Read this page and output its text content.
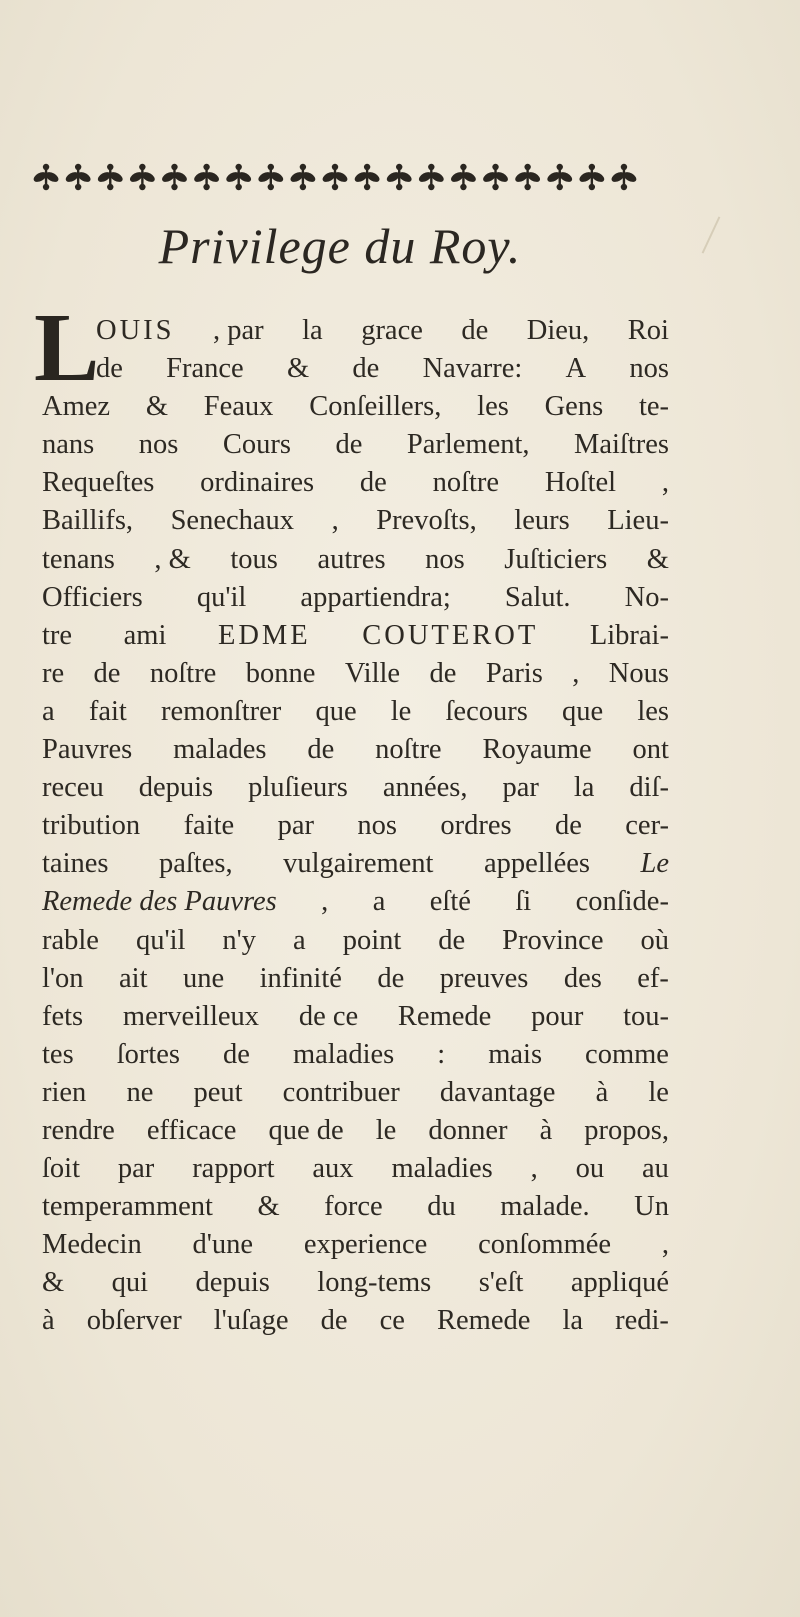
Privilege du Roy.
L
OUIS , par la grace de Dieu, Roi
de France & de Navarre: A nos
Amez & Feaux Conſeillers, les Gens te-
nans nos Cours de Parlement, Maiſtres
Requeſtes ordinaires de noſtre Hoſtel ,
Baillifs, Senechaux , Prevoſts, leurs Lieu-
tenans , & tous autres nos Juſticiers &
Officiers qu'il appartiendra; Salut. No-
tre ami EDME COUTEROT Librai-
re de noſtre bonne Ville de Paris , Nous
a fait remonſtrer que le ſecours que les
Pauvres malades de noſtre Royaume ont
receu depuis pluſieurs années, par la diſ-
tribution faite par nos ordres de cer-
taines paſtes, vulgairement appellées Le
Remede des Pauvres , a eſté ſi conſide-
rable qu'il n'y a point de Province où
l'on ait une infinité de preuves des ef-
fets merveilleux de ce Remede pour tou-
tes ſortes de maladies : mais comme
rien ne peut contribuer davantage à le
rendre efficace que de le donner à propos,
ſoit par rapport aux maladies , ou au
temperamment & force du malade. Un
Medecin d'une experience conſommée ,
& qui depuis long-tems s'eſt appliqué
à obſerver l'uſage de ce Remede la redi-
